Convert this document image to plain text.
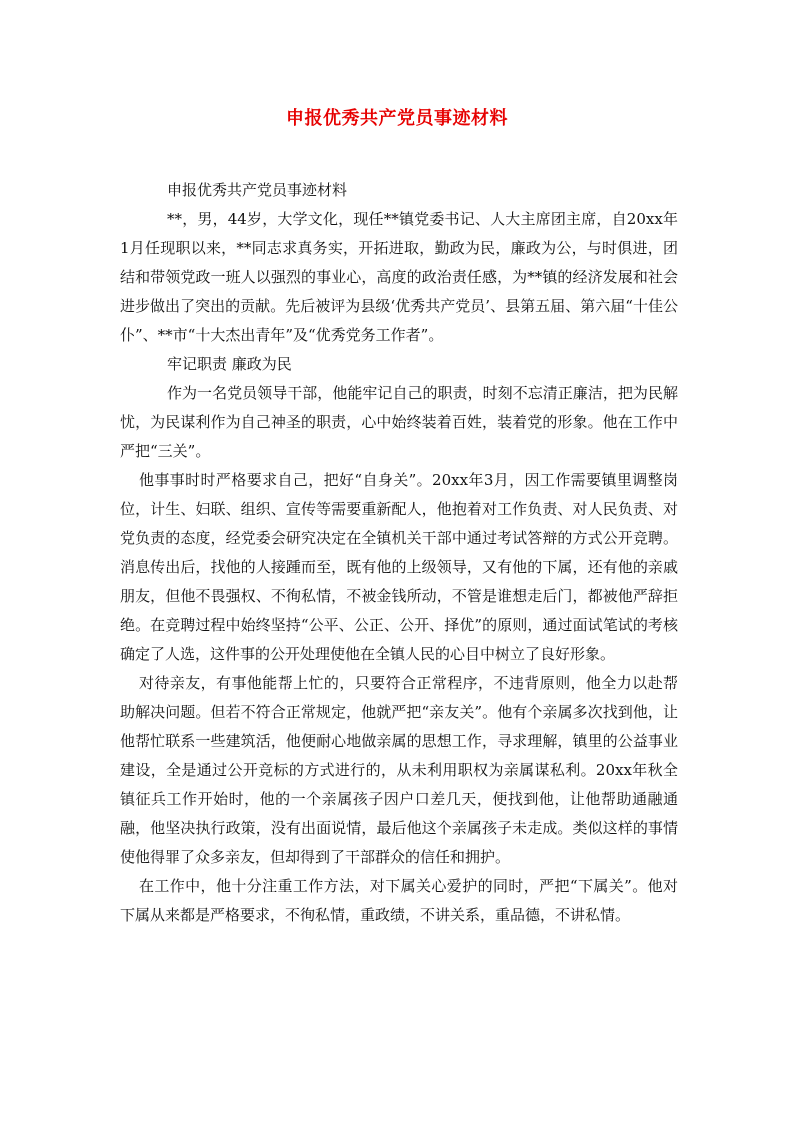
申报优秀共产党员事迹材料

申报优秀共产党员事迹材料

**，男，44岁，大学文化，现任**镇党委书记、人大主席团主席，自20xx年1月任现职以来，**同志求真务实，开拓进取，勤政为民，廉政为公，与时俱进，团结和带领党政一班人以强烈的事业心，高度的政治责任感，为**镇的经济发展和社会进步做出了突出的贡献。先后被评为县级‘优秀共产党员’、县第五届、第六届“十佳公仆”、**市“十大杰出青年”及“优秀党务工作者”。

牢记职责 廉政为民

作为一名党员领导干部，他能牢记自己的职责，时刻不忘清正廉洁，把为民解忧，为民谋利作为自己神圣的职责，心中始终装着百姓，装着党的形象。他在工作中严把“三关”。

他事事时时严格要求自己，把好“自身关”。20xx年3月，因工作需要镇里调整岗位，计生、妇联、组织、宣传等需要重新配人，他抱着对工作负责、对人民负责、对党负责的态度，经党委会研究决定在全镇机关干部中通过考试答辩的方式公开竞聘。消息传出后，找他的人接踵而至，既有他的上级领导，又有他的下属，还有他的亲戚朋友，但他不畏强权、不徇私情，不被金钱所动，不管是谁想走后门，都被他严辞拒绝。在竞聘过程中始终坚持“公平、公正、公开、择优”的原则，通过面试笔试的考核确定了人选，这件事的公开处理使他在全镇人民的心目中树立了良好形象。

对待亲友，有事他能帮上忙的，只要符合正常程序，不违背原则，他全力以赴帮助解决问题。但若不符合正常规定，他就严把“亲友关”。他有个亲属多次找到他，让他帮忙联系一些建筑活，他便耐心地做亲属的思想工作，寻求理解，镇里的公益事业建设，全是通过公开竞标的方式进行的，从未利用职权为亲属谋私利。20xx年秋全镇征兵工作开始时，他的一个亲属孩子因户口差几天，便找到他，让他帮助通融通融，他坚决执行政策，没有出面说情，最后他这个亲属孩子未走成。类似这样的事情使他得罪了众多亲友，但却得到了干部群众的信任和拥护。

在工作中，他十分注重工作方法，对下属关心爱护的同时，严把“下属关”。他对下属从来都是严格要求，不徇私情，重政绩，不讲关系，重品德，不讲私情。
